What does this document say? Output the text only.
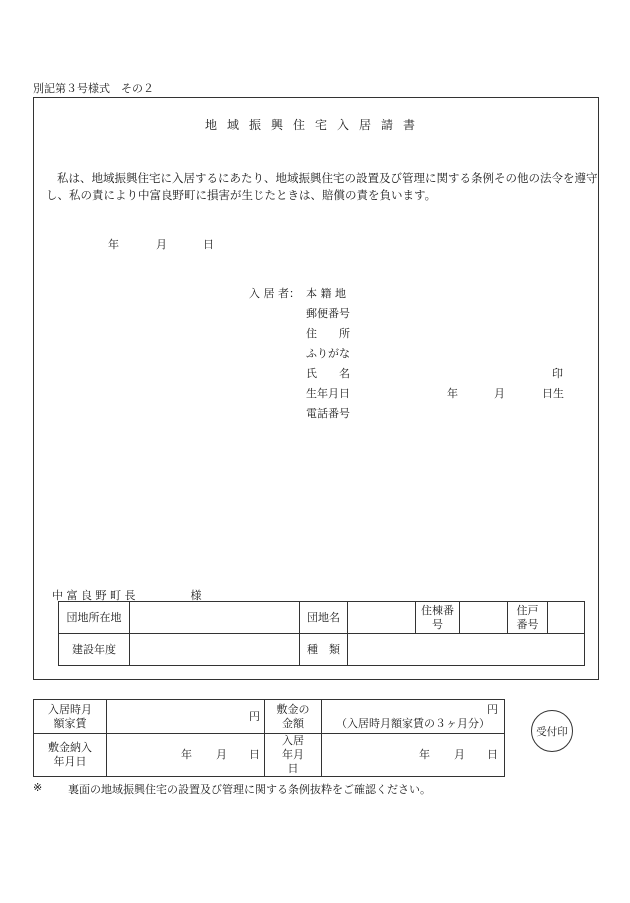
別記第３号様式　その２
地域振興住宅入居請書
私は、地域振興住宅に入居するにあたり、地域振興住宅の設置及び管理に関する条例その他の法令を遵守し、私の責により中富良野町に損害が生じたときは、賠償の責を負います。
年	月	日
入 居 者： 本 籍 地
郵便番号
住　　所
ふりがな
氏　　名	印
生年月日	年	月	日生
電話番号
中 富 良 野 町 長　　　　　様
団地所在地		団地名		住棟番号		住戸番号	
建設年度		種　類					
入居時月額家賃	円	敷金の金額	円
（入居時月額家賃の３ヶ月分）

敷金納入年月日	年 月 日	入居年月日	年 月 日
受付印
※ 裏面の地域振興住宅の設置及び管理に関する条例抜粋をご確認ください。
